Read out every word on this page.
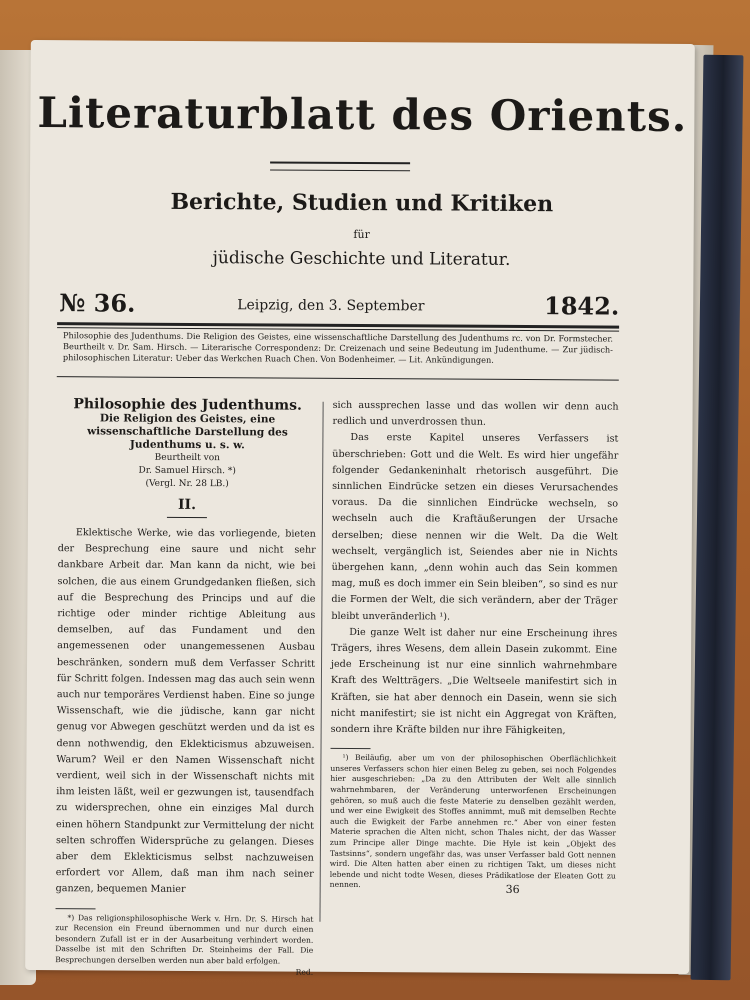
Literaturblatt des Orients.
Berichte, Studien und Kritiken
für
jüdische Geschichte und Literatur.
№ 36.	Leipzig, den 3. September	1842.
Philosophie des Judenthums. Die Religion des Geistes, eine wissenschaftliche Darstellung des Judenthums rc. von Dr. Formstecher. Beurtheilt v. Dr. Sam. Hirsch. — Literarische Correspondenz: Dr. Creizenach und seine Bedeutung im Judenthume. — Zur jüdisch-philosophischen Literatur: Ueber das Werkchen Ruach Chen. Von Bodenheimer. — Lit. Ankündigungen.
Philosophie des Judenthums.
Die Religion des Geistes, eine wissenschaftliche Darstellung des Judenthums u. s. w.
Beurtheilt von
Dr. Samuel Hirsch. *)
(Vergl. Nr. 28 LB.)
II.

Eklektische Werke, wie das vorliegende, bieten der Besprechung eine saure und nicht sehr dankbare Arbeit dar. Man kann da nicht, wie bei solchen, die aus einem Grundgedanken fließen, sich auf die Besprechung des Princips und auf die richtige oder minder richtige Ableitung aus demselben, auf das Fundament und den angemessenen oder unangemessenen Ausbau beschränken, sondern muß dem Verfasser Schritt für Schritt folgen. Indessen mag das auch sein wenn auch nur temporäres Verdienst haben. Eine so junge Wissenschaft, wie die jüdische, kann gar nicht genug vor Abwegen geschützt werden und da ist es denn nothwendig, den Eklekticismus abzuweisen. Warum? Weil er den Namen Wissenschaft nicht verdient, weil sich in der Wissenschaft nichts mit ihm leisten läßt, weil er gezwungen ist, tausendfach zu widersprechen, ohne ein einziges Mal durch einen höhern Standpunkt zur Vermittelung der nicht selten schroffen Widersprüche zu gelangen. Dieses aber dem Eklekticismus selbst nachzuweisen erfordert vor Allem, daß man ihm nach seiner ganzen, bequemen Manier

*) Das religionsphilosophische Werk v. Hrn. Dr. S. Hirsch hat zur Recension ein Freund übernommen und nur durch einen besondern Zufall ist er in der Ausarbeitung verhindert worden. Dasselbe ist mit den Schriften Dr. Steinheims der Fall. Die Besprechungen derselben werden nun aber bald erfolgen.

Red.

sich aussprechen lasse und das wollen wir denn auch redlich und unverdrossen thun.

Das erste Kapitel unseres Verfassers ist überschrieben: Gott und die Welt. Es wird hier ungefähr folgender Gedankeninhalt rhetorisch ausgeführt. Die sinnlichen Eindrücke setzen ein dieses Verursachendes voraus. Da die sinnlichen Eindrücke wechseln, so wechseln auch die Kraftäußerungen der Ursache derselben; diese nennen wir die Welt. Da die Welt wechselt, vergänglich ist, Seiendes aber nie in Nichts übergehen kann, „denn wohin auch das Sein kommen mag, muß es doch immer ein Sein bleiben“, so sind es nur die Formen der Welt, die sich verändern, aber der Träger bleibt unveränderlich ¹).

Die ganze Welt ist daher nur eine Erscheinung ihres Trägers, ihres Wesens, dem allein Dasein zukommt. Eine jede Erscheinung ist nur eine sinnlich wahrnehmbare Kraft des Weltträgers. „Die Weltseele manifestirt sich in Kräften, sie hat aber dennoch ein Dasein, wenn sie sich nicht manifestirt; sie ist nicht ein Aggregat von Kräften, sondern ihre Kräfte bilden nur ihre Fähigkeiten,

¹) Beiläufig, aber um von der philosophischen Oberflächlichkeit unseres Verfassers schon hier einen Beleg zu geben, sei noch Folgendes hier ausgeschrieben: „Da zu den Attributen der Welt alle sinnlich wahrnehmbaren, der Veränderung unterworfenen Erscheinungen gehören, so muß auch die feste Materie zu denselben gezählt werden, und wer eine Ewigkeit des Stoffes annimmt, muß mit demselben Rechte auch die Ewigkeit der Farbe annehmen rc.“ Aber von einer festen Materie sprachen die Alten nicht, schon Thales nicht, der das Wasser zum Principe aller Dinge machte. Die Hyle ist kein „Objekt des Tastsinns“, sondern ungefähr das, was unser Verfasser bald Gott nennen wird. Die Alten hatten aber einen zu richtigen Takt, um dieses nicht lebende und nicht todte Wesen, dieses Prädikatlose der Eleaten Gott zu nennen.	36
